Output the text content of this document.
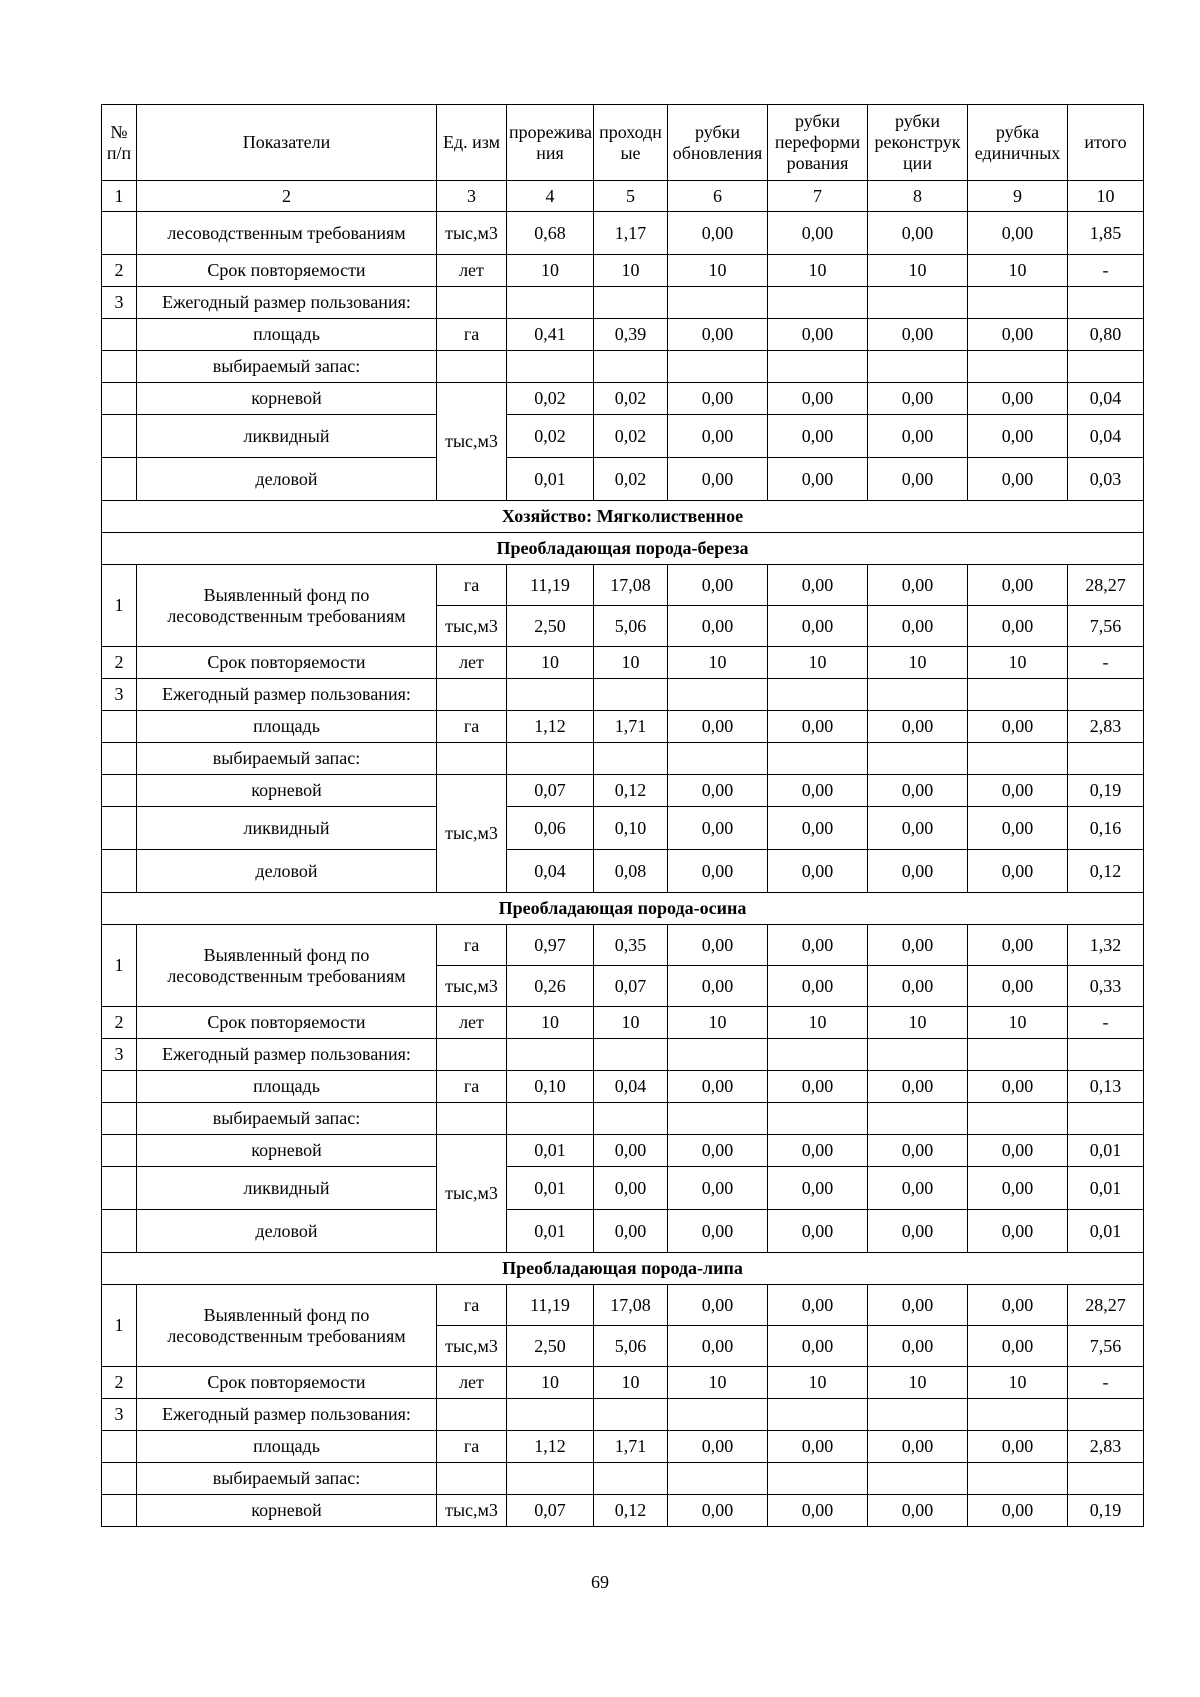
№ п/п	Показатели	Ед. изм	прорежива ния	проходн ые	рубки обновления	рубки переформи рования	рубки реконструк ции	рубка единичных	итого
1	2	3	4	5	6	7	8	9	10
	лесоводственным требованиям	тыс,м3	0,68	1,17	0,00	0,00	0,00	0,00	1,85
2	Срок повторяемости	лет	10	10	10	10	10	10	-
3	Ежегодный размер пользования:								
	площадь	га	0,41	0,39	0,00	0,00	0,00	0,00	0,80
	выбираемый запас:								
	корневой	тыс,м3	0,02	0,02	0,00	0,00	0,00	0,00	0,04
	ликвидный		0,02	0,02	0,00	0,00	0,00	0,00	0,04
	деловой		0,01	0,02	0,00	0,00	0,00	0,00	0,03
Хозяйство: Мягколиственное									
Преобладающая порода-береза									
1	Выявленный фонд по
лесоводственным требованиям	га	11,19	17,08	0,00	0,00	0,00	0,00	28,27
		тыс,м3	2,50	5,06	0,00	0,00	0,00	0,00	7,56
2	Срок повторяемости	лет	10	10	10	10	10	10	-
3	Ежегодный размер пользования:								
	площадь	га	1,12	1,71	0,00	0,00	0,00	0,00	2,83
	выбираемый запас:								
	корневой	тыс,м3	0,07	0,12	0,00	0,00	0,00	0,00	0,19
	ликвидный		0,06	0,10	0,00	0,00	0,00	0,00	0,16
	деловой		0,04	0,08	0,00	0,00	0,00	0,00	0,12
Преобладающая порода-осина									
1	Выявленный фонд по
лесоводственным требованиям	га	0,97	0,35	0,00	0,00	0,00	0,00	1,32
		тыс,м3	0,26	0,07	0,00	0,00	0,00	0,00	0,33
2	Срок повторяемости	лет	10	10	10	10	10	10	-
3	Ежегодный размер пользования:								
	площадь	га	0,10	0,04	0,00	0,00	0,00	0,00	0,13
	выбираемый запас:								
	корневой	тыс,м3	0,01	0,00	0,00	0,00	0,00	0,00	0,01
	ликвидный		0,01	0,00	0,00	0,00	0,00	0,00	0,01
	деловой		0,01	0,00	0,00	0,00	0,00	0,00	0,01
Преобладающая порода-липа									
1	Выявленный фонд по
лесоводственным требованиям	га	11,19	17,08	0,00	0,00	0,00	0,00	28,27
		тыс,м3	2,50	5,06	0,00	0,00	0,00	0,00	7,56
2	Срок повторяемости	лет	10	10	10	10	10	10	-
3	Ежегодный размер пользования:								
	площадь	га	1,12	1,71	0,00	0,00	0,00	0,00	2,83
	выбираемый запас:								
	корневой	тыс,м3	0,07	0,12	0,00	0,00	0,00	0,00	0,19
69
